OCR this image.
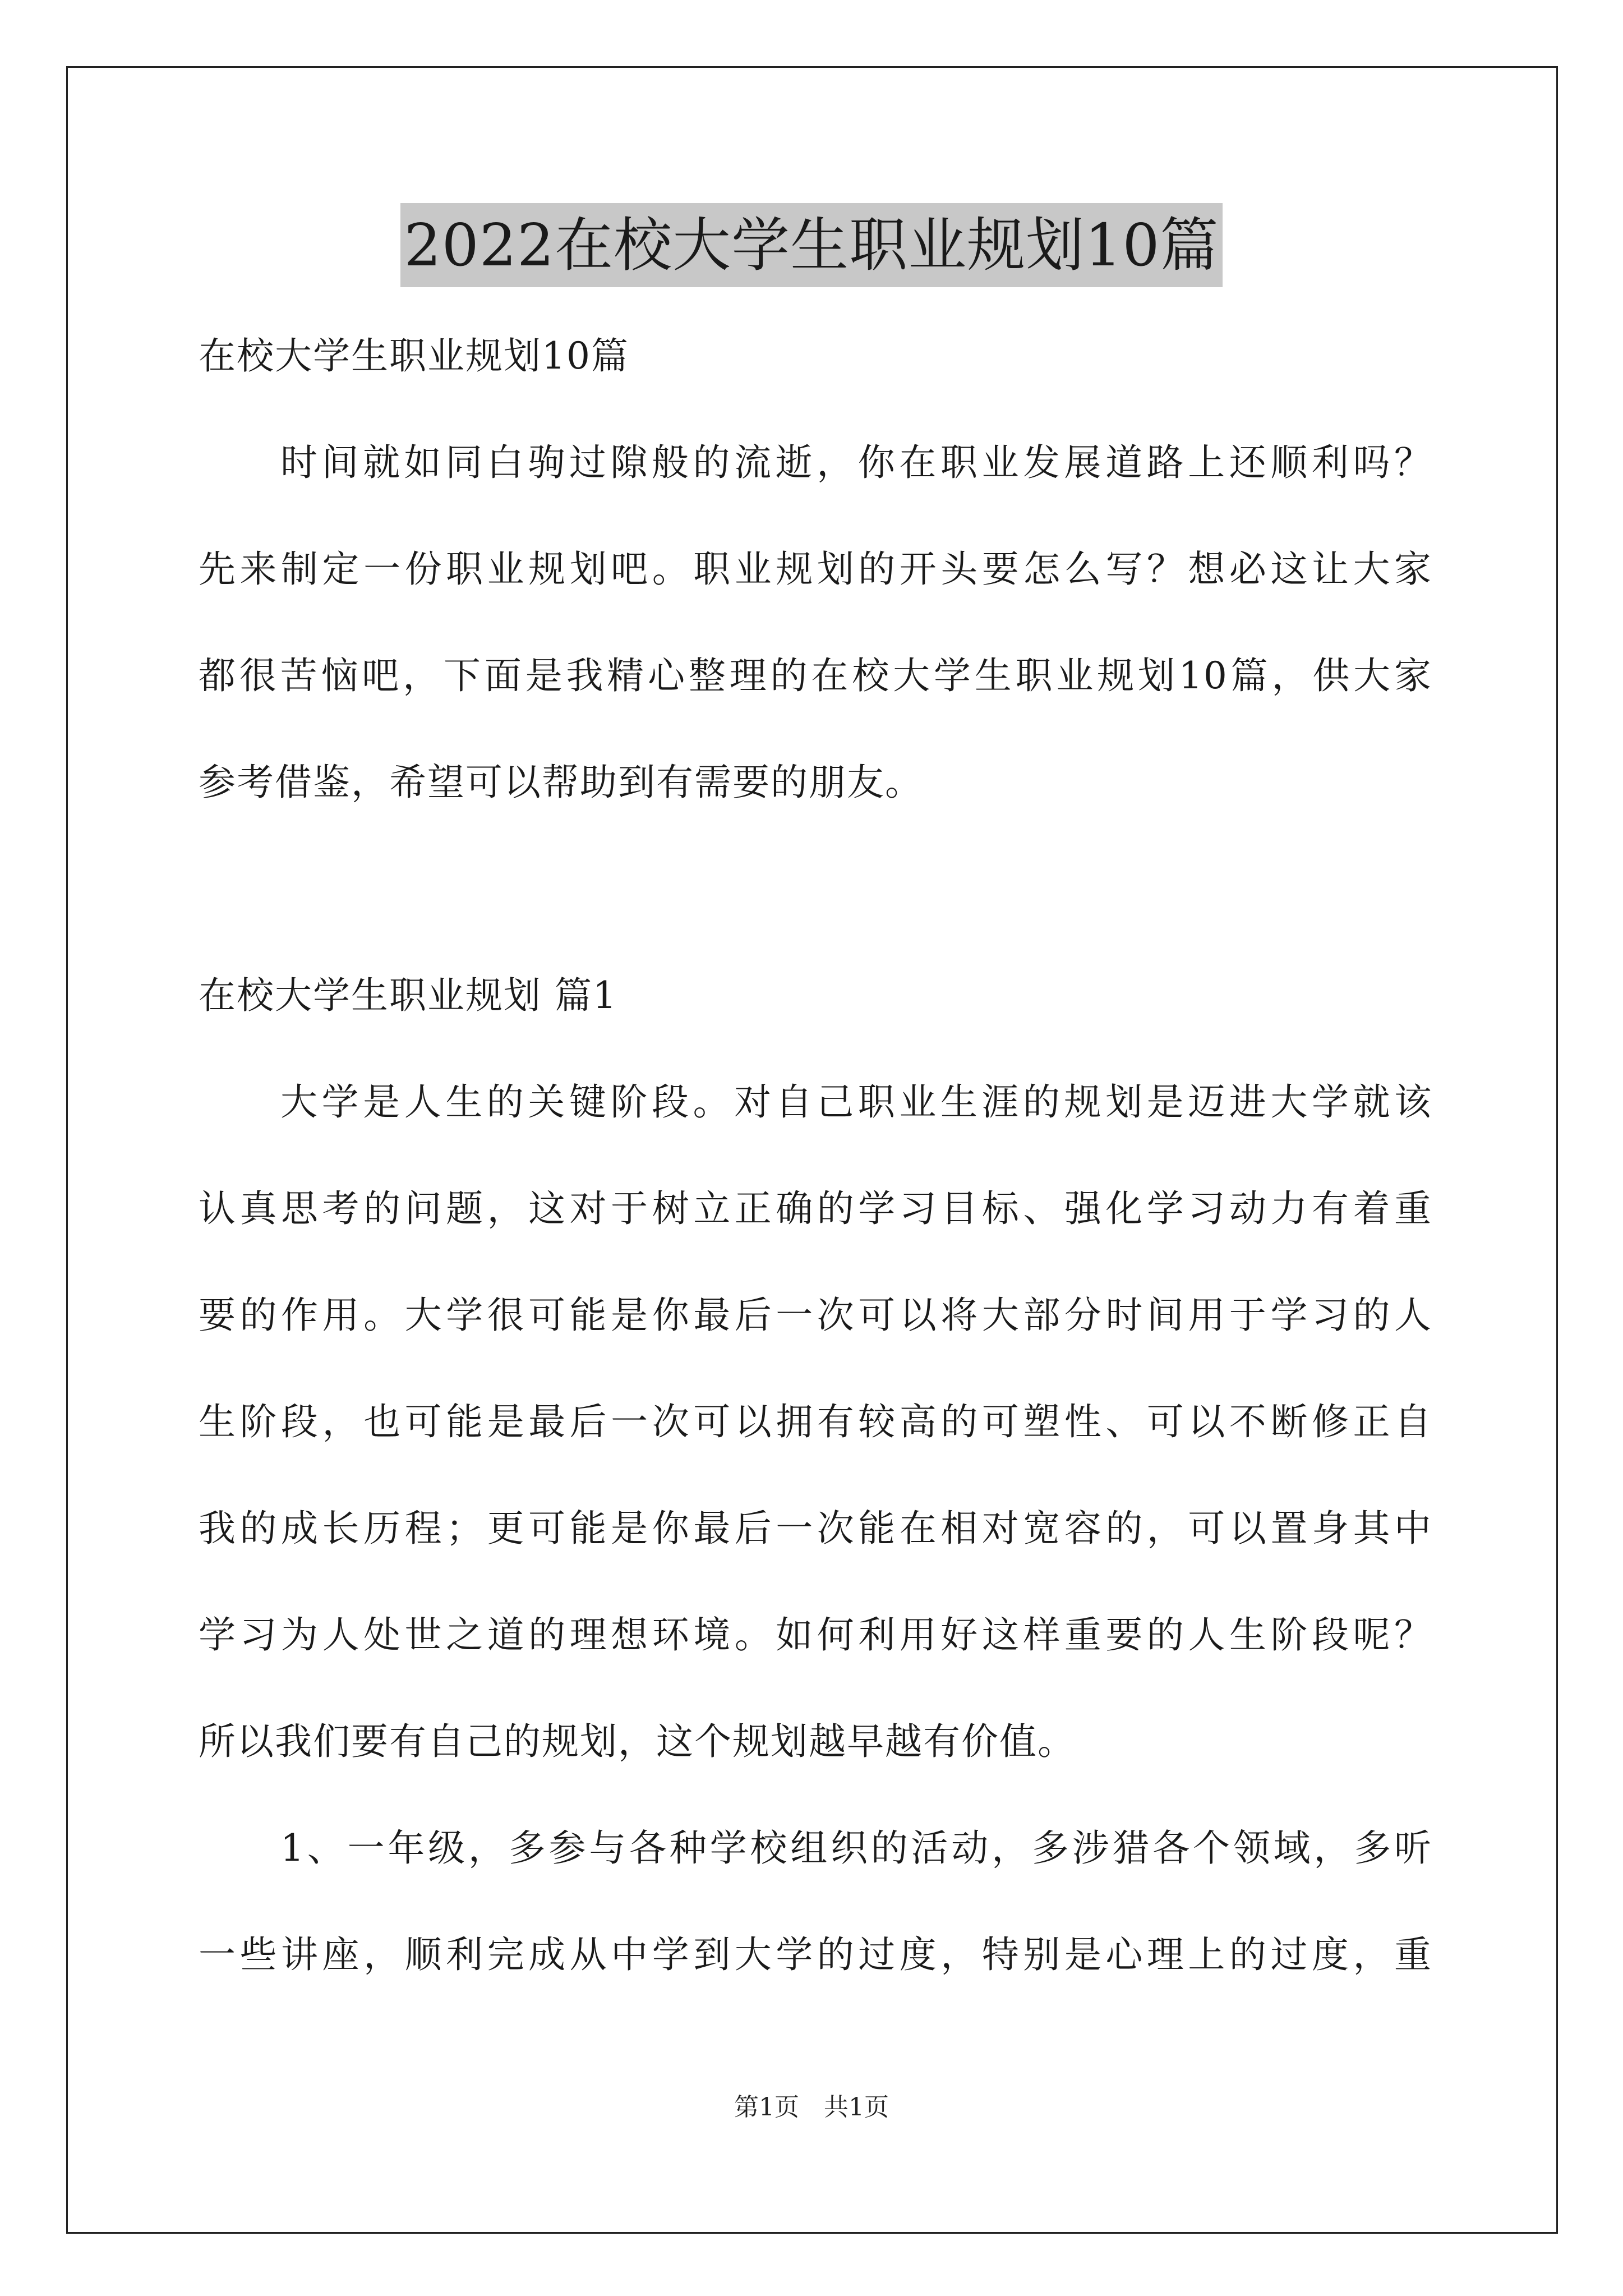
2022在校大学生职业规划10篇
在校大学生职业规划10篇
时间就如同白驹过隙般的流逝，你在职业发展道路上还顺利吗？
先来制定一份职业规划吧。职业规划的开头要怎么写？想必这让大家
都很苦恼吧，下面是我精心整理的在校大学生职业规划10篇，供大家
参考借鉴，希望可以帮助到有需要的朋友。
在校大学生职业规划 篇1
大学是人生的关键阶段。对自己职业生涯的规划是迈进大学就该
认真思考的问题，这对于树立正确的学习目标、强化学习动力有着重
要的作用。大学很可能是你最后一次可以将大部分时间用于学习的人
生阶段，也可能是最后一次可以拥有较高的可塑性、可以不断修正自
我的成长历程；更可能是你最后一次能在相对宽容的，可以置身其中
学习为人处世之道的理想环境。如何利用好这样重要的人生阶段呢？
所以我们要有自己的规划，这个规划越早越有价值。
1、一年级，多参与各种学校组织的活动，多涉猎各个领域，多听
一些讲座，顺利完成从中学到大学的过度，特别是心理上的过度，重
第1页　共1页
